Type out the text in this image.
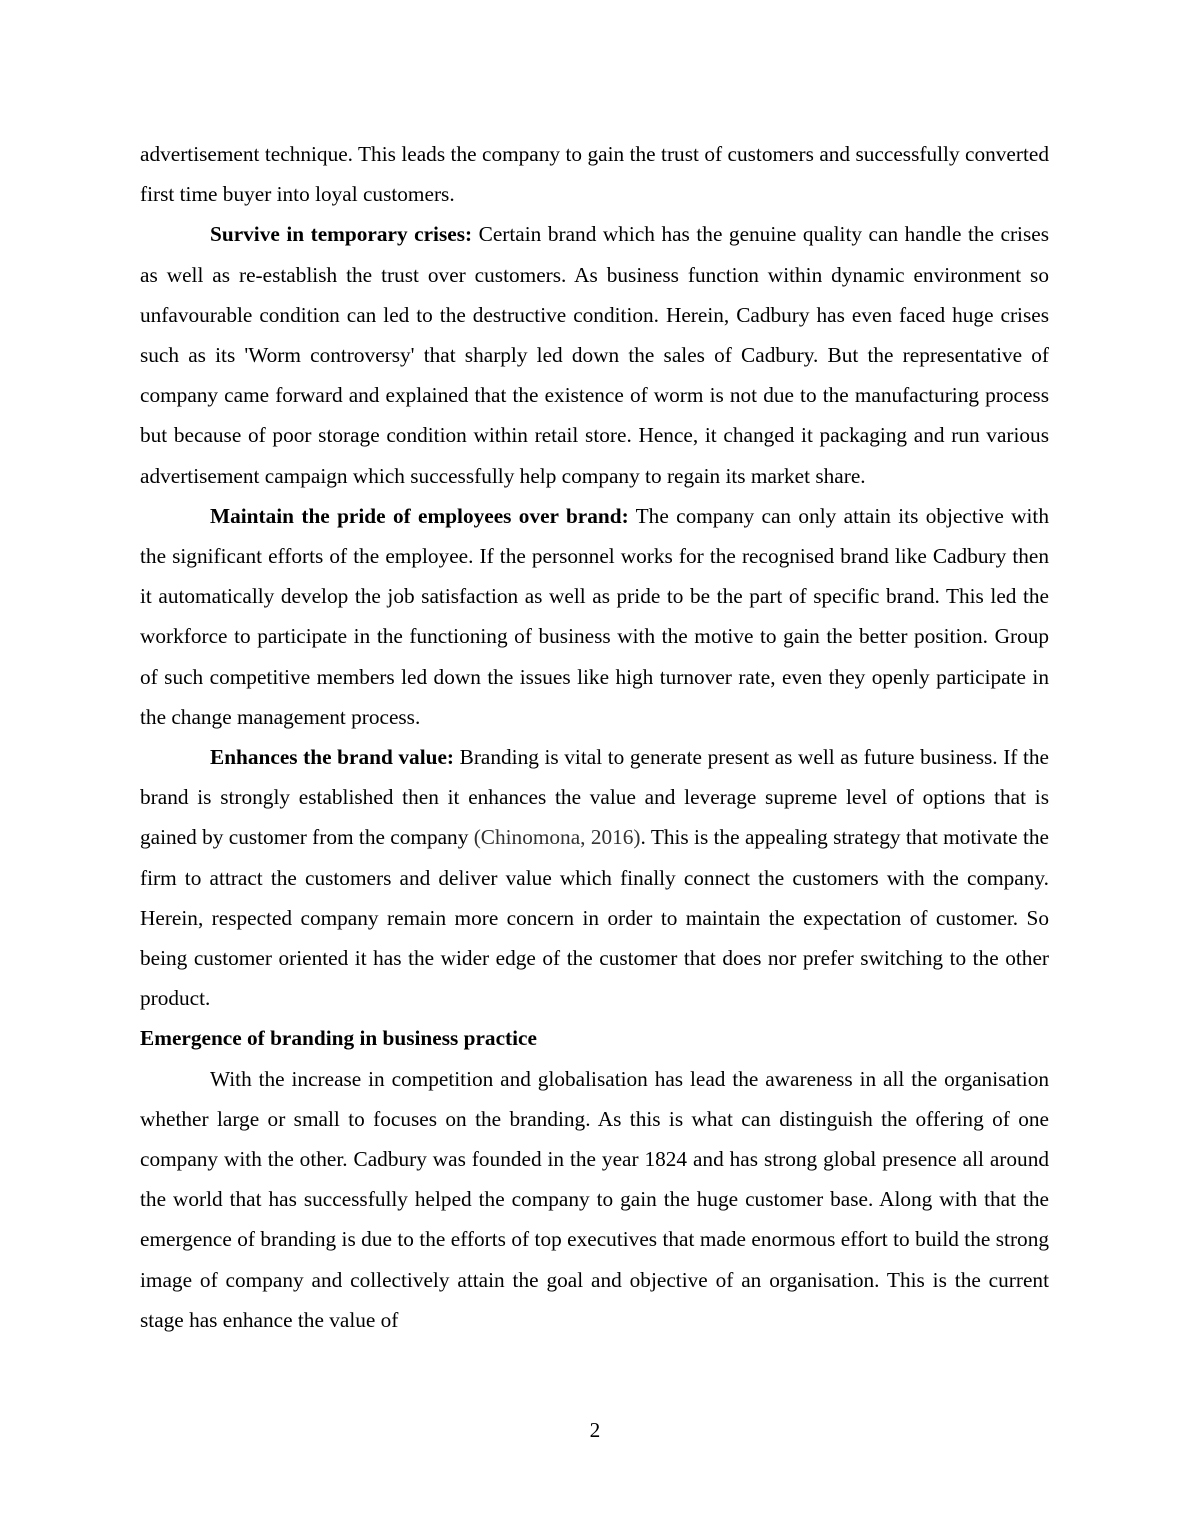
advertisement technique. This leads the company to gain the trust of customers and successfully converted first time buyer into loyal customers.

Survive in temporary crises: Certain brand which has the genuine quality can handle the crises as well as re-establish the trust over customers. As business function within dynamic environment so unfavourable condition can led to the destructive condition. Herein, Cadbury has even faced huge crises such as its 'Worm controversy' that sharply led down the sales of Cadbury. But the representative of company came forward and explained that the existence of worm is not due to the manufacturing process but because of poor storage condition within retail store. Hence, it changed it packaging and run various advertisement campaign which successfully help company to regain its market share.

Maintain the pride of employees over brand: The company can only attain its objective with the significant efforts of the employee. If the personnel works for the recognised brand like Cadbury then it automatically develop the job satisfaction as well as pride to be the part of specific brand. This led the workforce to participate in the functioning of business with the motive to gain the better position. Group of such competitive members led down the issues like high turnover rate, even they openly participate in the change management process.

Enhances the brand value: Branding is vital to generate present as well as future business. If the brand is strongly established then it enhances the value and leverage supreme level of options that is gained by customer from the company (Chinomona, 2016). This is the appealing strategy that motivate the firm to attract the customers and deliver value which finally connect the customers with the company. Herein, respected company remain more concern in order to maintain the expectation of customer. So being customer oriented it has the wider edge of the customer that does nor prefer switching to the other product.

Emergence of branding in business practice

With the increase in competition and globalisation has lead the awareness in all the organisation whether large or small to focuses on the branding. As this is what can distinguish the offering of one company with the other. Cadbury was founded in the year 1824 and has strong global presence all around the world that has successfully helped the company to gain the huge customer base. Along with that the emergence of branding is due to the efforts of top executives that made enormous effort to build the strong image of company and collectively attain the goal and objective of an organisation. This is the current stage has enhance the value of

2
